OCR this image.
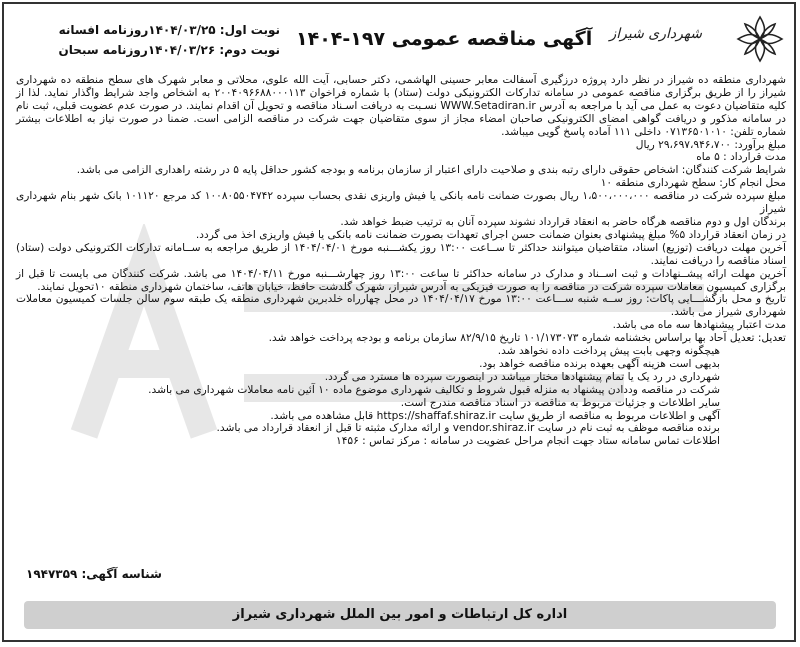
شهرداری شیراز
آگهی مناقصه عمومی ۱۹۷-۱۴۰۴
نوبت اول: ۱۴۰۴/۰۳/۲۵روزنامه افسانه
نوبت دوم: ۱۴۰۴/۰۳/۲۶روزنامه سبحان

شهرداری منطقه ده شیراز در نظر دارد پروژه درزگیری آسفالت معابر حسینی الهاشمی، دکتر حسابی، آیت الله علوی، محلاتی و معابر شهرک های سطح منطقه ده شهرداری شیراز را از طریق برگزاری مناقصه عمومی در سامانه تدارکات الکترونیکی دولت (ستاد) با شماره فراخوان ۲۰۰۴۰۹۶۶۸۸۰۰۰۱۱۳ به اشخاص واجد شرایط واگذار نماید. لذا از کلیه متقاضیان دعوت به عمل می آید با مراجعه به آدرس WWW.Setadiran.ir نسـبت به دریافت اسـناد مناقصه و تحویل آن اقدام نمایند. در صورت عدم عضویت قبلی، ثبت نام در سامانه مذکور و دریافت گواهی امضای الکترونیکی صاحبان امضاء مجاز از سوی متقاضیان جهت شرکت در مناقصه الزامی است. ضمنا در صورت نیاز به اطلاعات بیشتر شماره تلفن: ۰۷۱۳۶۵۰۱۰۱۰ داخلی ۱۱۱ آماده پاسخ گویی میباشد.

مبلغ برآورد: ۲۹،۶۹۷،۹۴۶،۷۰۰ ریال

مدت قرارداد : ۵ ماه

شرایط شرکت کنندگان: اشخاص حقوقی دارای رتبه بندی و صلاحیت دارای اعتبار از سازمان برنامه و بودجه کشور حداقل پایه ۵ در رشته راهداری الزامی می باشد.

محل انجام کار: سطح شهرداری منطقه ۱۰

مبلغ سپرده شرکت در مناقصه ۱،۵۰۰،۰۰۰،۰۰۰ ریال بصورت ضمانت نامه بانکی یا فیش واریزی نقدی بحساب سپرده ۱۰۰۸۰۵۵۰۴۷۴۲ کد مرجع ۱۰۱۱۲۰ بانک شهر بنام شهرداری شیراز

برندگان اول و دوم مناقصه هرگاه حاضر به انعقاد قرارداد نشوند سپرده آنان به ترتیب ضبط خواهد شد.

در زمان انعقاد قرارداد ۵% مبلغ پیشنهادی بعنوان ضمانت حسن اجرای تعهدات بصورت ضمانت نامه بانکی یا فیش واریزی اخذ می گردد.

آخرین مهلت دریافت (توزیع) اسناد، متقاضیان میتوانند حداکثر تا ســاعت ۱۳:۰۰ روز یکشـــنبه مورخ ۱۴۰۴/۰۴/۰۱ از طریق مراجعه به ســامانه تدارکات الکترونیکی دولت (ستاد) اسناد مناقصه را دریافت نمایند.

آخرین مهلت ارائه پیشــنهادات و ثبت اســناد و مدارک در سامانه حداکثر تا ساعت ۱۳:۰۰ روز چهارشـــنبه مورخ ۱۴۰۴/۰۴/۱۱ می باشد. شرکت کنندگان می بایست تا قبل از برگزاری کمیسیون معاملات سپرده شرکت در مناقصه را به صورت فیزیکی به آدرس شیراز، شهرک گلدشت حافظ، خیابان هاتف، ساختمان شهرداری منطقه ۱۰تحویل نمایند.

تاریخ و محل بازگشـــایی پاکات: روز ســه شنبه ســـاعت ۱۳:۰۰ مورخ ۱۴۰۴/۰۴/۱۷ در محل چهارراه خلدبرین شهرداری منطقه یک طبقه سوم سالن جلسات کمیسیون معاملات شهرداری شیراز می باشد.

مدت اعتبار پیشنهادها سه ماه می باشد.

تعدیل: تعدیل آحاد بها براساس بخشنامه شماره ۱۰۱/۱۷۳۰۷۳ تاریخ ۸۲/۹/۱۵ سازمان برنامه و بودجه پرداخت خواهد شد.

هیچگونه وجهی بابت پیش پرداخت داده نخواهد شد.

بدیهی است هزینه آگهی بعهده برنده مناقصه خواهد بود.

شهرداری در رد یک یا تمام پیشنهادها مختار میباشد در اینصورت سپرده ها مسترد می گردد.

شرکت در مناقصه وددادن پیشنهاد به منزله قبول شروط و تکالیف شهرداری موضوع ماده ۱۰ آئین نامه معاملات شهرداری می باشد.

سایر اطلاعات و جزئیات مربوط به مناقصه در اسناد مناقصه مندرج است.

آگهی و اطلاعات مربوط به مناقصه از طریق سایت https://shaffaf.shiraz.ir قابل مشاهده می باشد.

برنده مناقصه موظف به ثبت نام در سایت vendor.shiraz.ir و ارائه مدارک مثبته تا قبل از انعقاد قرارداد می باشد.

اطلاعات تماس سامانه ستاد جهت انجام مراحل عضویت در سامانه : مرکز تماس : ۱۴۵۶

شناسه آگهی: ۱۹۴۷۳۵۹
اداره کل ارتباطات و امور بین الملل شهرداری شیراز
